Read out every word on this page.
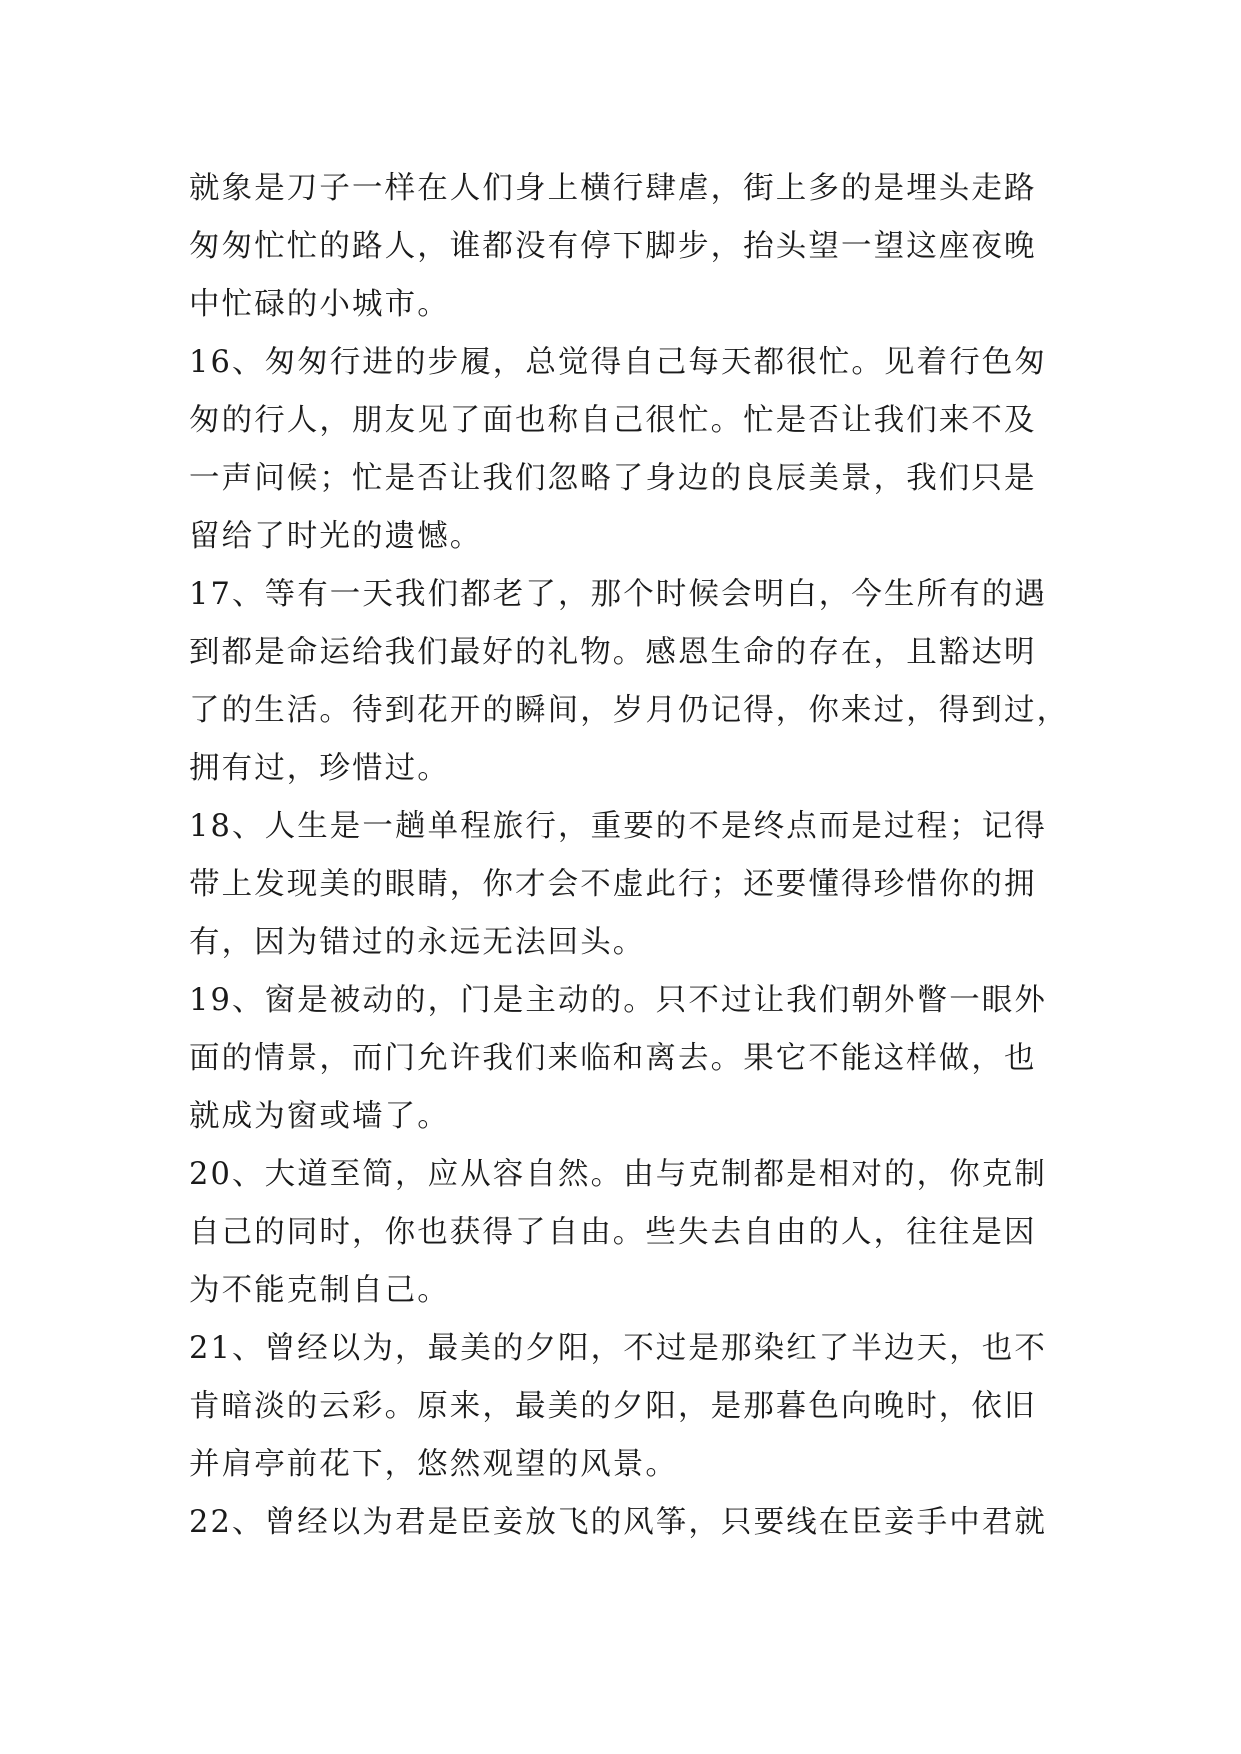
就象是刀子一样在人们身上横行肆虐，街上多的是埋头走路
匆匆忙忙的路人，谁都没有停下脚步，抬头望一望这座夜晚
中忙碌的小城市。
16、匆匆行进的步履，总觉得自己每天都很忙。见着行色匆
匆的行人，朋友见了面也称自己很忙。忙是否让我们来不及
一声问候；忙是否让我们忽略了身边的良辰美景，我们只是
留给了时光的遗憾。
17、等有一天我们都老了，那个时候会明白，今生所有的遇
到都是命运给我们最好的礼物。感恩生命的存在，且豁达明
了的生活。待到花开的瞬间，岁月仍记得，你来过，得到过，
拥有过，珍惜过。
18、人生是一趟单程旅行，重要的不是终点而是过程；记得
带上发现美的眼睛，你才会不虚此行；还要懂得珍惜你的拥
有，因为错过的永远无法回头。
19、窗是被动的，门是主动的。只不过让我们朝外瞥一眼外
面的情景，而门允许我们来临和离去。果它不能这样做，也
就成为窗或墙了。
20、大道至简，应从容自然。由与克制都是相对的，你克制
自己的同时，你也获得了自由。些失去自由的人，往往是因
为不能克制自己。
21、曾经以为，最美的夕阳，不过是那染红了半边天，也不
肯暗淡的云彩。原来，最美的夕阳，是那暮色向晚时，依旧
并肩亭前花下，悠然观望的风景。
22、曾经以为君是臣妾放飞的风筝，只要线在臣妾手中君就
